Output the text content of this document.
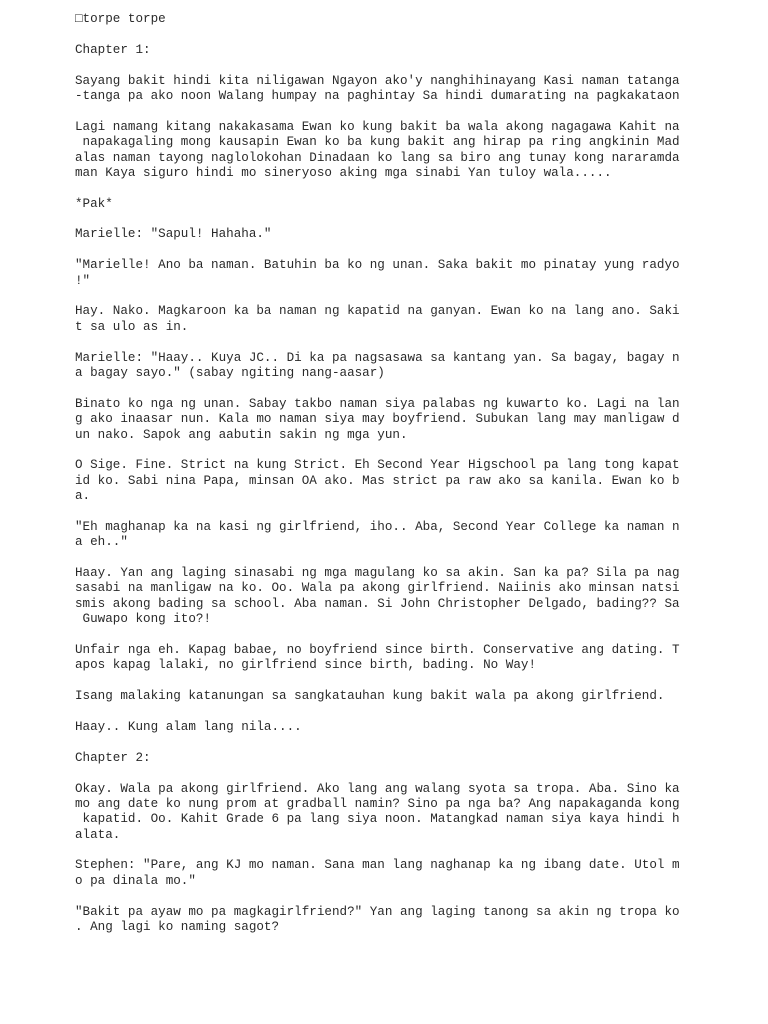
□torpe torpe
Chapter 1:
Sayang bakit hindi kita niligawan Ngayon ako'y nanghihinayang Kasi naman tatanga
-tanga pa ako noon Walang humpay na paghintay Sa hindi dumarating na pagkakataon
Lagi namang kitang nakakasama Ewan ko kung bakit ba wala akong nagagawa Kahit na
napakagaling mong kausapin Ewan ko ba kung bakit ang hirap pa ring angkinin Mad
alas naman tayong naglolokohan Dinadaan ko lang sa biro ang tunay kong nararamda
man Kaya siguro hindi mo sineryoso aking mga sinabi Yan tuloy wala.....
*Pak*
Marielle: "Sapul! Hahaha."
"Marielle! Ano ba naman. Batuhin ba ko ng unan. Saka bakit mo pinatay yung radyo
!"
Hay. Nako. Magkaroon ka ba naman ng kapatid na ganyan. Ewan ko na lang ano. Saki
t sa ulo as in.
Marielle: "Haay.. Kuya JC.. Di ka pa nagsasawa sa kantang yan. Sa bagay, bagay n
a bagay sayo." (sabay ngiting nang-aasar)
Binato ko nga ng unan. Sabay takbo naman siya palabas ng kuwarto ko. Lagi na lan
g ako inaasar nun. Kala mo naman siya may boyfriend. Subukan lang may manligaw d
un nako. Sapok ang aabutin sakin ng mga yun.
O Sige. Fine. Strict na kung Strict. Eh Second Year Higschool pa lang tong kapat
id ko. Sabi nina Papa, minsan OA ako. Mas strict pa raw ako sa kanila. Ewan ko b
a.
"Eh maghanap ka na kasi ng girlfriend, iho.. Aba, Second Year College ka naman n
a eh.."
Haay. Yan ang laging sinasabi ng mga magulang ko sa akin. San ka pa? Sila pa nag
sasabi na manligaw na ko. Oo. Wala pa akong girlfriend. Naiinis ako minsan natsi
smis akong bading sa school. Aba naman. Si John Christopher Delgado, bading?? Sa
Guwapo kong ito?!
Unfair nga eh. Kapag babae, no boyfriend since birth. Conservative ang dating. T
apos kapag lalaki, no girlfriend since birth, bading. No Way!
Isang malaking katanungan sa sangkatauhan kung bakit wala pa akong girlfriend.
Haay.. Kung alam lang nila....
Chapter 2:
Okay. Wala pa akong girlfriend. Ako lang ang walang syota sa tropa. Aba. Sino ka
mo ang date ko nung prom at gradball namin? Sino pa nga ba? Ang napakaganda kong
kapatid. Oo. Kahit Grade 6 pa lang siya noon. Matangkad naman siya kaya hindi h
alata.
Stephen: "Pare, ang KJ mo naman. Sana man lang naghanap ka ng ibang date. Utol m
o pa dinala mo."
"Bakit pa ayaw mo pa magkagirlfriend?" Yan ang laging tanong sa akin ng tropa ko
. Ang lagi ko naming sagot?
